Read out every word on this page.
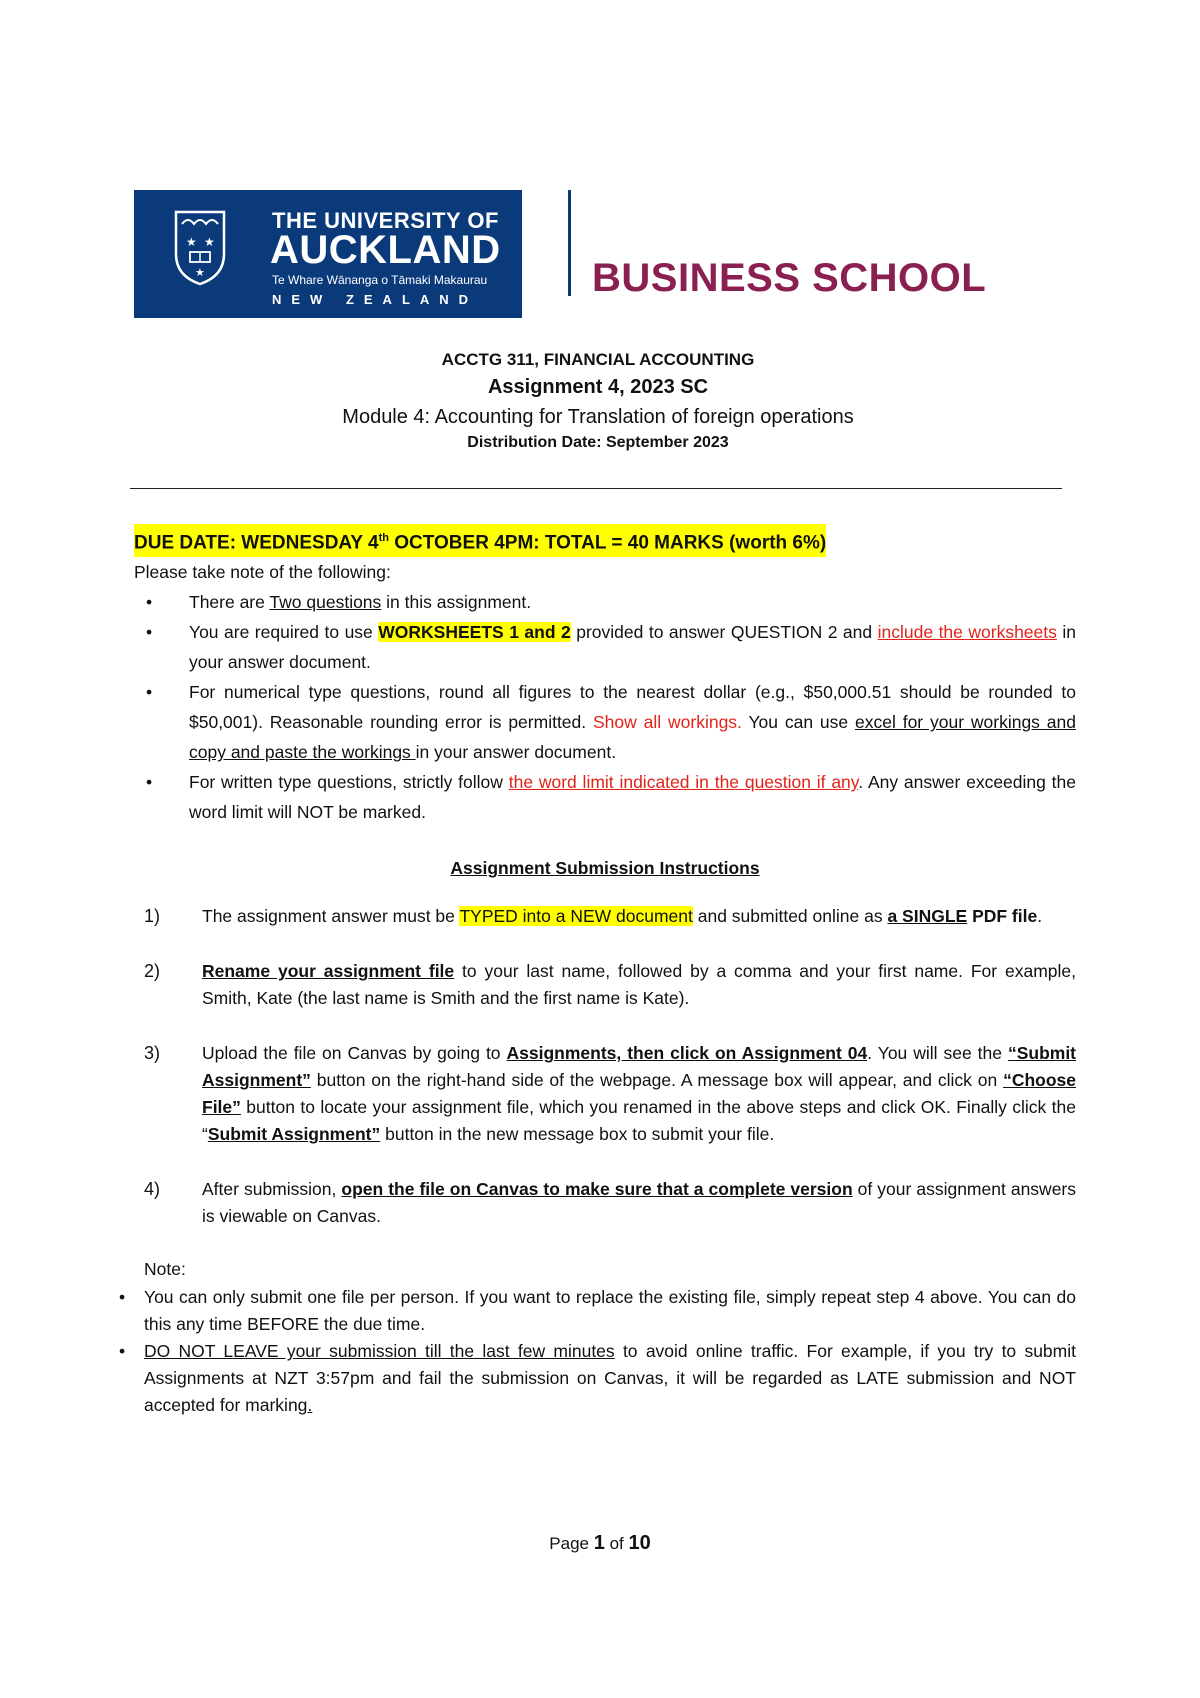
★ ★
★
THE UNIVERSITY OF
AUCKLAND
Te Whare Wānanga o Tāmaki Makaurau
NEW ZEALAND	BUSINESS SCHOOL
ACCTG 311, FINANCIAL ACCOUNTING
Assignment 4, 2023 SC
Module 4: Accounting for Translation of foreign operations
Distribution Date: September 2023
DUE DATE: WEDNESDAY 4th OCTOBER 4PM: TOTAL = 40 MARKS (worth 6%)
Please take note of the following:
• There are Two questions in this assignment.
• You are required to use WORKSHEETS 1 and 2 provided to answer QUESTION 2 and include the worksheets in your answer document.
• For numerical type questions, round all figures to the nearest dollar (e.g., $50,000.51 should be rounded to $50,001). Reasonable rounding error is permitted. Show all workings. You can use excel for your workings and copy and paste the workings in your answer document.
• For written type questions, strictly follow the word limit indicated in the question if any. Any answer exceeding the word limit will NOT be marked.
Assignment Submission Instructions
1) The assignment answer must be TYPED into a NEW document and submitted online as a SINGLE PDF file.
2) Rename your assignment file to your last name, followed by a comma and your first name. For example, Smith, Kate (the last name is Smith and the first name is Kate).
3) Upload the file on Canvas by going to Assignments, then click on Assignment 04. You will see the “Submit Assignment” button on the right-hand side of the webpage. A message box will appear, and click on “Choose File” button to locate your assignment file, which you renamed in the above steps and click OK. Finally click the “Submit Assignment” button in the new message box to submit your file.
4) After submission, open the file on Canvas to make sure that a complete version of your assignment answers is viewable on Canvas.
Note:
• You can only submit one file per person. If you want to replace the existing file, simply repeat step 4 above. You can do this any time BEFORE the due time.
• DO NOT LEAVE your submission till the last few minutes to avoid online traffic. For example, if you try to submit Assignments at NZT 3:57pm and fail the submission on Canvas, it will be regarded as LATE submission and NOT accepted for marking.
Page 1 of 10
